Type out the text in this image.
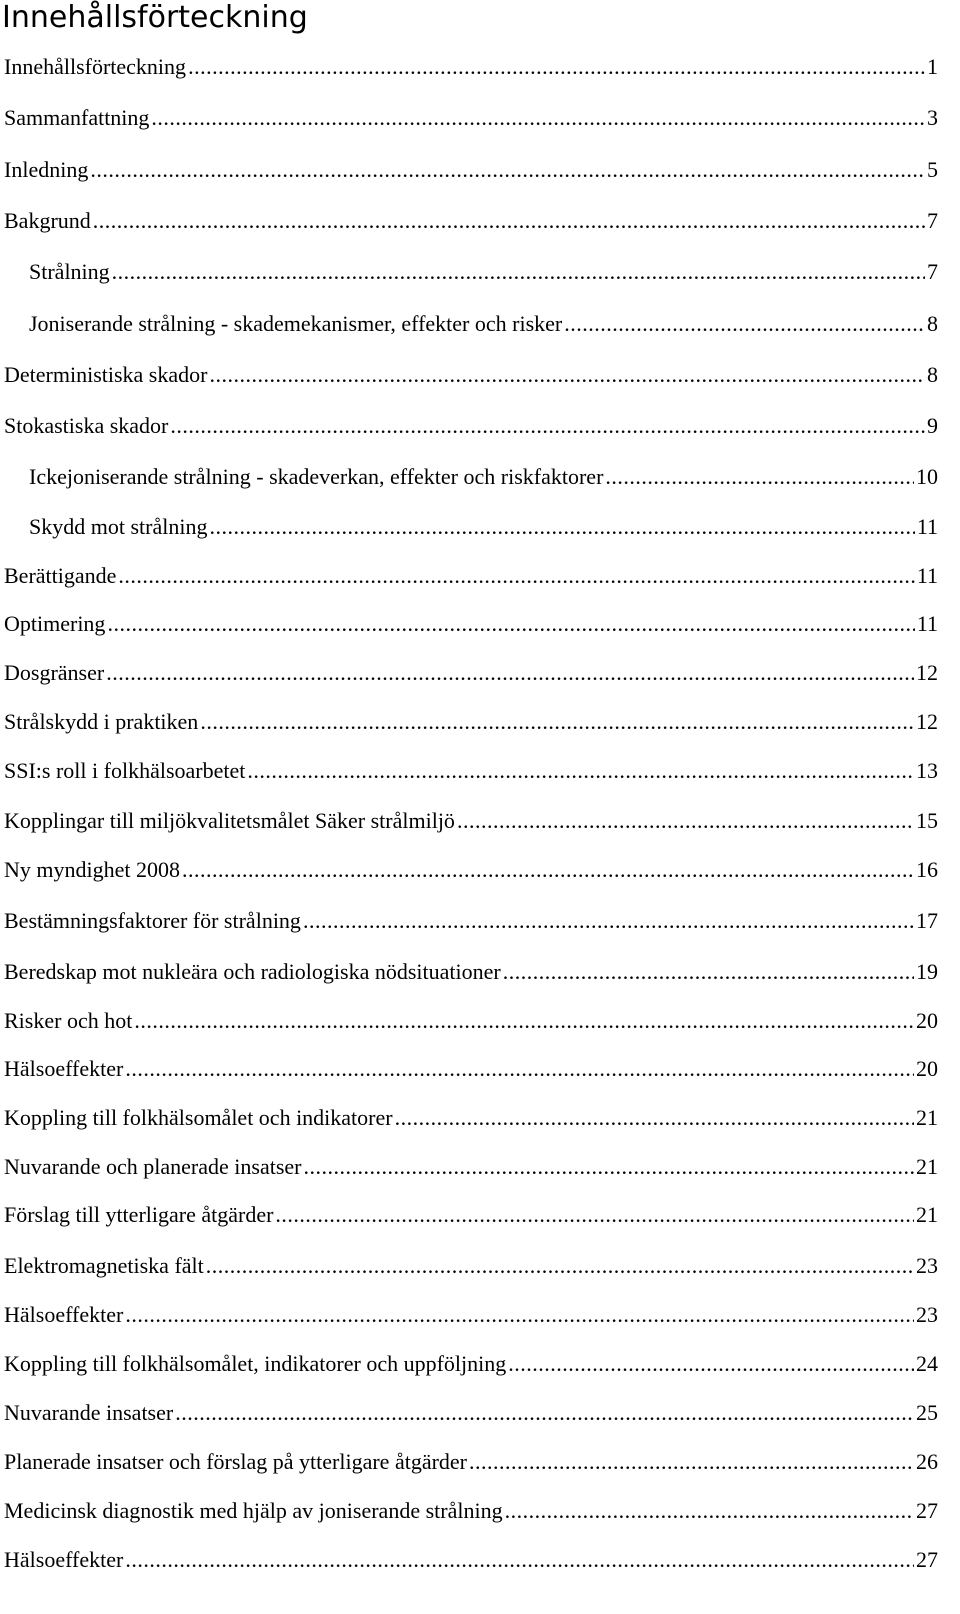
Innehållsförteckning
Innehållsförteckning .....	1
Sammanfattning .....	3
Inledning .....	5
Bakgrund .....	7
Strålning .....	7
Joniserande strålning - skademekanismer, effekter och risker .....	8
Deterministiska skador .....	8
Stokastiska skador .....	9
Ickejoniserande strålning - skadeverkan, effekter och riskfaktorer .....	10
Skydd mot strålning .....	11
Berättigande .....	11
Optimering .....	11
Dosgränser .....	12
Strålskydd i praktiken .....	12
SSI:s roll i folkhälsoarbetet .....	13
Kopplingar till miljökvalitetsmålet Säker strålmiljö .....	15
Ny myndighet 2008 .....	16
Bestämningsfaktorer för strålning .....	17
Beredskap mot nukleära och radiologiska nödsituationer .....	19
Risker och hot .....	20
Hälsoeffekter .....	20
Koppling till folkhälsomålet och indikatorer .....	21
Nuvarande och planerade insatser .....	21
Förslag till ytterligare åtgärder .....	21
Elektromagnetiska fält .....	23
Hälsoeffekter .....	23
Koppling till folkhälsomålet, indikatorer och uppföljning .....	24
Nuvarande insatser .....	25
Planerade insatser och förslag på ytterligare åtgärder .....	26
Medicinsk diagnostik med hjälp av joniserande strålning .....	27
Hälsoeffekter .....	27
